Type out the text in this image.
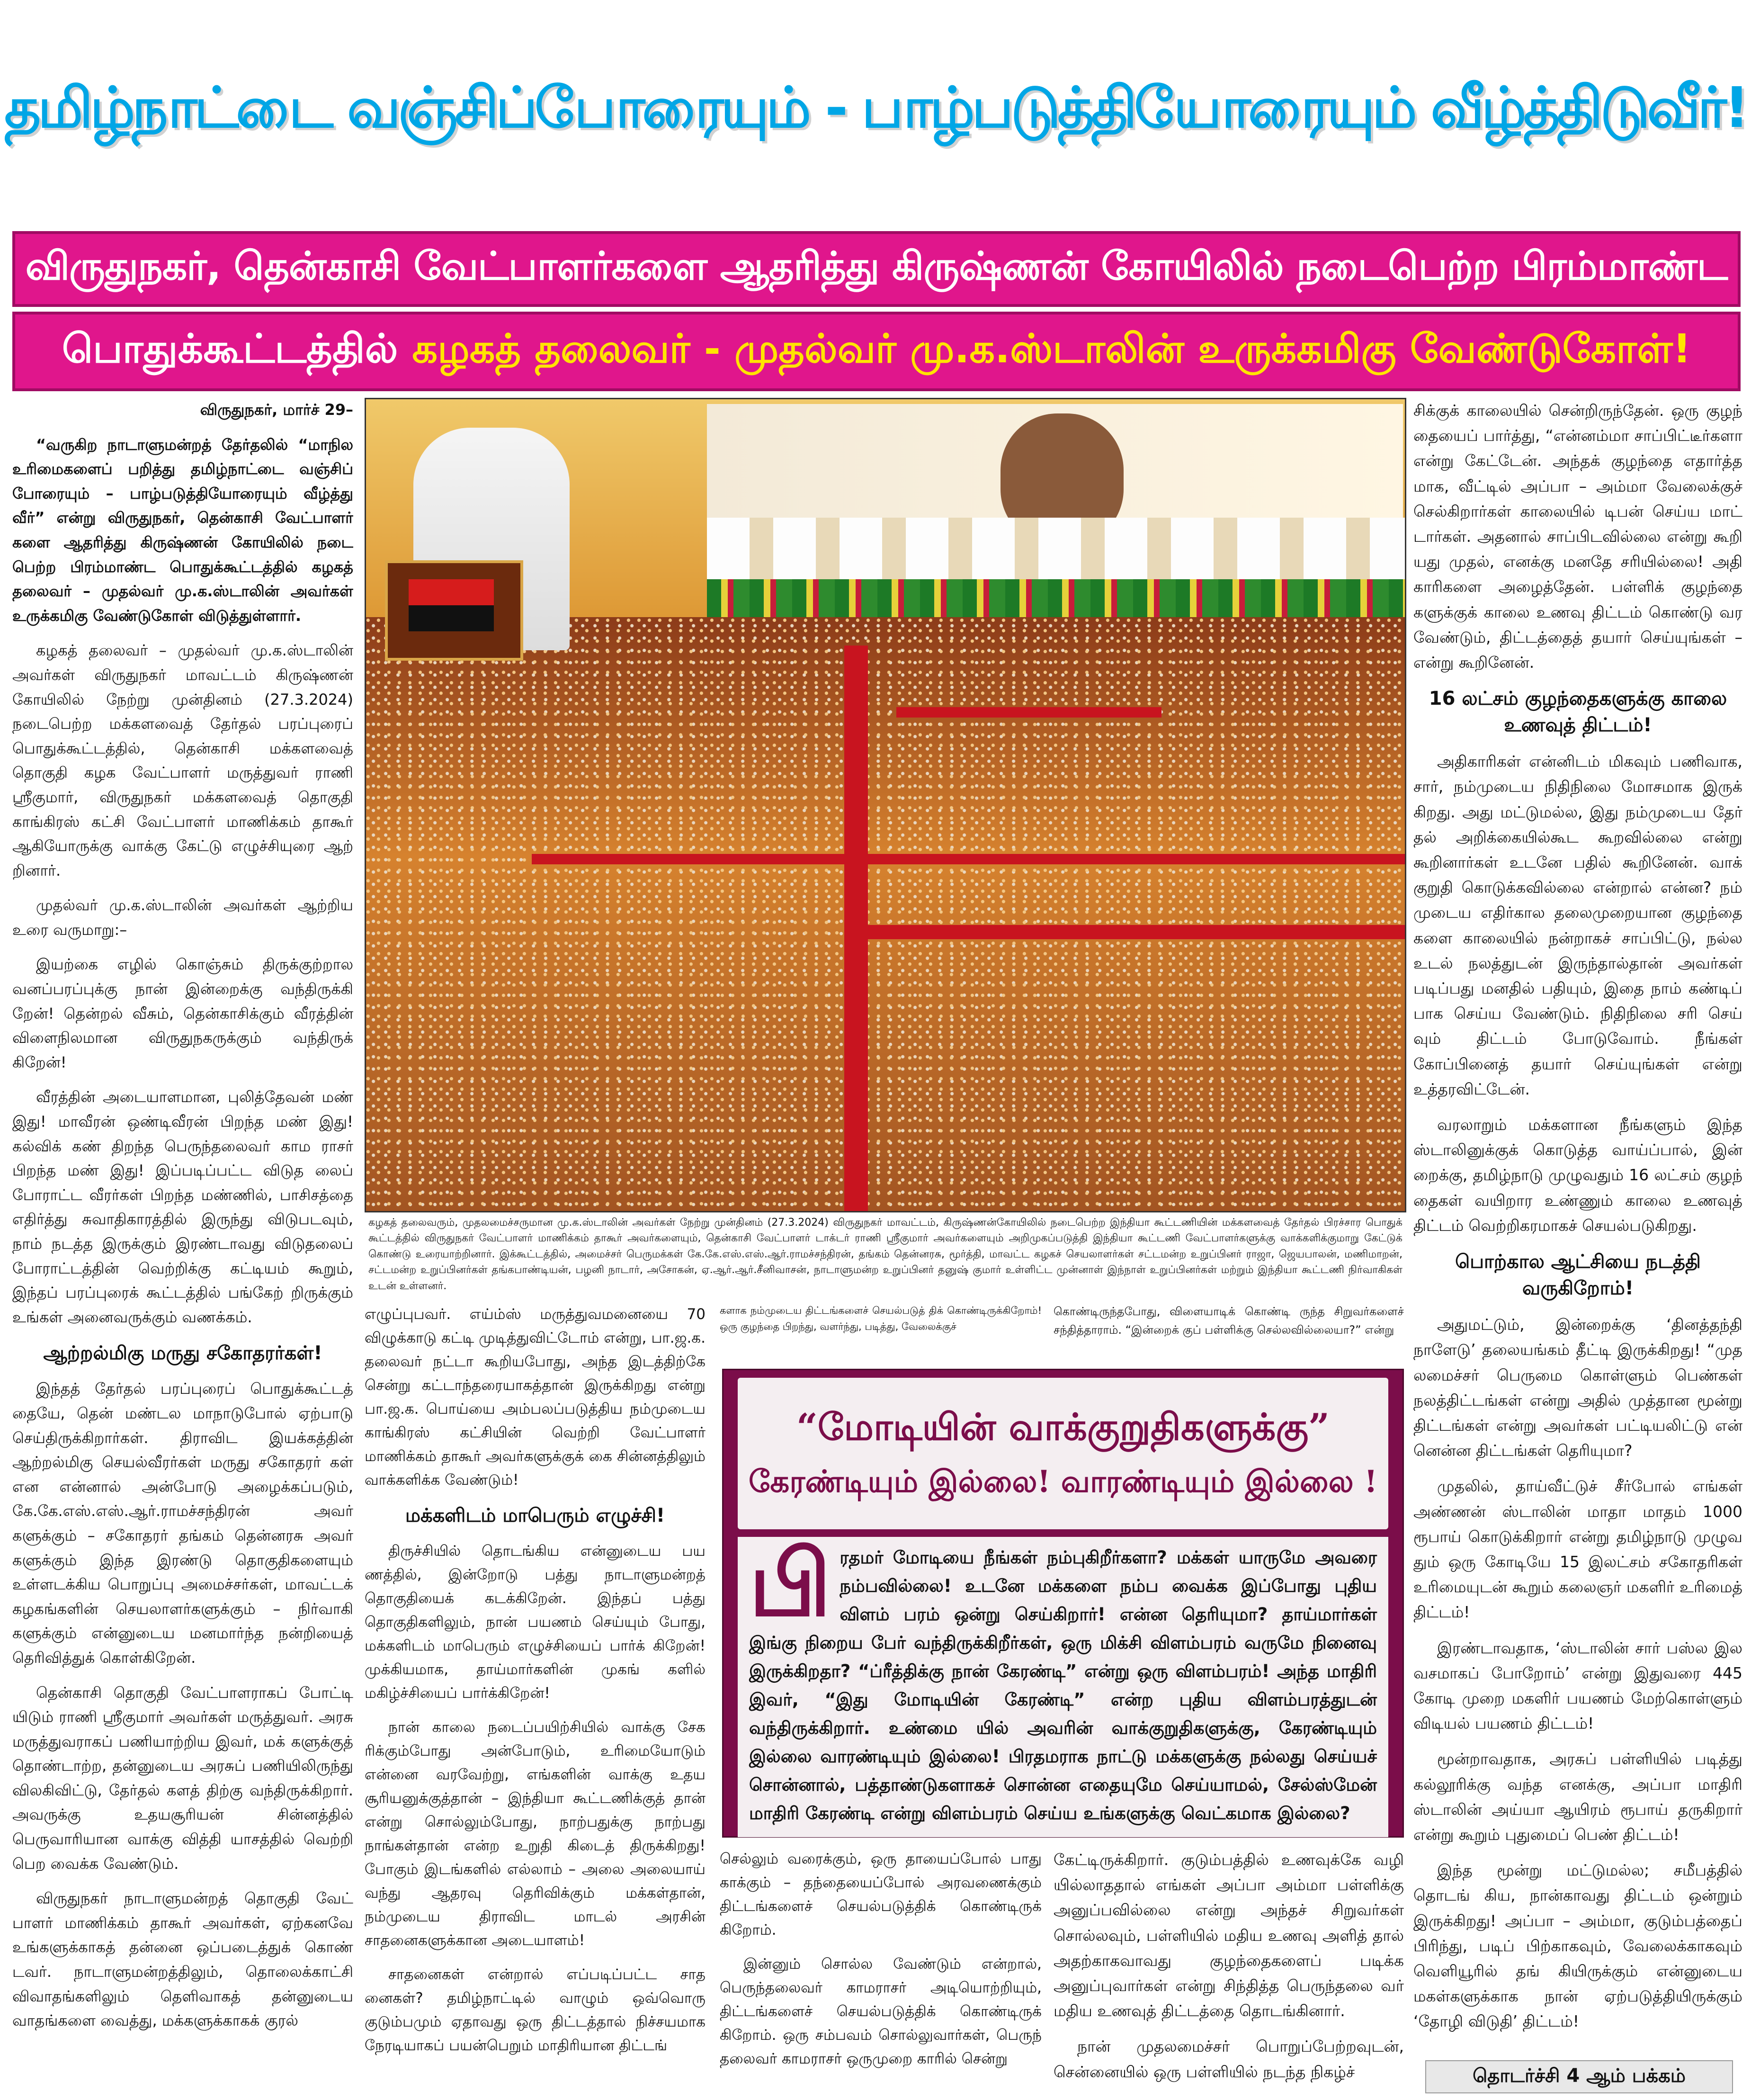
தமிழ்நாட்டை வஞ்சிப்போரையும் - பாழ்படுத்தியோரையும் வீழ்த்திடுவீர்!
விருதுநகர், தென்காசி வேட்பாளர்களை ஆதரித்து கிருஷ்ணன் கோயிலில் நடைபெற்ற பிரம்மாண்ட
பொதுக்கூட்டத்தில் கழகத் தலைவர் - முதல்வர் மு.க.ஸ்டாலின் உருக்கமிகு வேண்டுகோள்!

விருதுநகர், மார்ச் 29–

“வருகிற நாடாளுமன்றத் தேர்தலில் “மாநில உரிமைகளைப் பறித்து தமிழ்நாட்டை வஞ்சிப் போரையும் – பாழ்படுத்தியோரையும் வீழ்த்து வீர்” என்று விருதுநகர், தென்காசி வேட்பாளர் களை ஆதரித்து கிருஷ்ணன் கோயிலில் நடை பெற்ற பிரம்மாண்ட பொதுக்கூட்டத்தில் கழகத் தலைவர் – முதல்வர் மு.க.ஸ்டாலின் அவர்கள் உருக்கமிகு வேண்டுகோள் விடுத்துள்ளார்.

கழகத் தலைவர் – முதல்வர் மு.க.ஸ்டாலின் அவர்கள் விருதுநகர் மாவட்டம் கிருஷ்ணன் கோயிலில் நேற்று முன்தினம் (27.3.2024) நடைபெற்ற மக்களவைத் தேர்தல் பரப்புரைப் பொதுக்கூட்டத்தில், தென்காசி மக்களவைத் தொகுதி கழக வேட்பாளர் மருத்துவர் ராணி ஸ்ரீகுமார், விருதுநகர் மக்களவைத் தொகுதி காங்கிரஸ் கட்சி வேட்பாளர் மாணிக்கம் தாகூர் ஆகியோருக்கு வாக்கு கேட்டு எழுச்சியுரை ஆற் றினார்.

முதல்வர் மு.க.ஸ்டாலின் அவர்கள் ஆற்றிய உரை வருமாறு:–

இயற்கை எழில் கொஞ்சும் திருக்குற்றால வனப்பரப்புக்கு நான் இன்றைக்கு வந்திருக்கி றேன்! தென்றல் வீசும், தென்காசிக்கும் வீரத்தின் விளைநிலமான விருதுநகருக்கும் வந்திருக் கிறேன்!

வீரத்தின் அடையாளமான, புலித்தேவன் மண் இது! மாவீரன் ஒண்டிவீரன் பிறந்த மண் இது! கல்விக் கண் திறந்த பெருந்தலைவர் காம ராசர் பிறந்த மண் இது! இப்படிப்பட்ட விடுத லைப் போராட்ட வீரர்கள் பிறந்த மண்ணில், பாசிசத்தை எதிர்த்து சுவாதிகாரத்தில் இருந்து விடுபடவும், நாம் நடத்த இருக்கும் இரண்டாவது விடுதலைப் போராட்டத்தின் வெற்றிக்கு கட்டியம் கூறும், இந்தப் பரப்புரைக் கூட்டத்தில் பங்கேற் றிருக்கும் உங்கள் அனைவருக்கும் வணக்கம்.

ஆற்றல்மிகு மருது சகோதரர்கள்!

இந்தத் தேர்தல் பரப்புரைப் பொதுக்கூட்டத் தையே, தென் மண்டல மாநாடுபோல் ஏற்பாடு செய்திருக்கிறார்கள். திராவிட இயக்கத்தின் ஆற்றல்மிகு செயல்வீரர்கள் மருது சகோதரர் கள் என என்னால் அன்போடு அழைக்கப்படும், கே.கே.எஸ்.எஸ்.ஆர்.ராமச்சந்திரன் அவர் களுக்கும் – சகோதரர் தங்கம் தென்னரசு அவர் களுக்கும் இந்த இரண்டு தொகுதிகளையும் உள்ளடக்கிய பொறுப்பு அமைச்சர்கள், மாவட்டக் கழகங்களின் செயலாளர்களுக்கும் – நிர்வாகி களுக்கும் என்னுடைய மனமார்ந்த நன்றியைத் தெரிவித்துக் கொள்கிறேன்.

தென்காசி தொகுதி வேட்பாளராகப் போட்டி யிடும் ராணி ஸ்ரீகுமார் அவர்கள் மருத்துவர். அரசு மருத்துவராகப் பணியாற்றிய இவர், மக் களுக்குத் தொண்டாற்ற, தன்னுடைய அரசுப் பணியிலிருந்து விலகிவிட்டு, தேர்தல் களத் திற்கு வந்திருக்கிறார். அவருக்கு உதயசூரியன் சின்னத்தில் பெருவாரியான வாக்கு வித்தி யாசத்தில் வெற்றி பெற வைக்க வேண்டும்.

விருதுநகர் நாடாளுமன்றத் தொகுதி வேட் பாளர் மாணிக்கம் தாகூர் அவர்கள், ஏற்கனவே உங்களுக்காகத் தன்னை ஒப்படைத்துக் கொண் டவர். நாடாளுமன்றத்திலும், தொலைக்காட்சி விவாதங்களிலும் தெளிவாகத் தன்னுடைய வாதங்களை வைத்து, மக்களுக்காகக் குரல்

கழகத் தலைவரும், முதலமைச்சருமான மு.க.ஸ்டாலின் அவர்கள் நேற்று முன்தினம் (27.3.2024) விருதுநகர் மாவட்டம், கிருஷ்ணன்கோயிலில் நடைபெற்ற இந்தியா கூட்டணியின் மக்களவைத் தேர்தல் பிரச்சார பொதுக் கூட்டத்தில் விருதுநகர் வேட்பாளர் மாணிக்கம் தாகூர் அவர்களையும், தென்காசி வேட்பாளர் டாக்டர் ராணி ஸ்ரீகுமார் அவர்களையும் அறிமுகப்படுத்தி இந்தியா கூட்டணி வேட்பாளர்களுக்கு வாக்களிக்குமாறு கேட்டுக் கொண்டு உரையாற்றினார். இக்கூட்டத்தில், அமைச்சர் பெருமக்கள் கே.கே.எஸ்.எஸ்.ஆர்.ராமச்சந்திரன், தங்கம் தென்னரசு, மூர்த்தி, மாவட்ட கழகச் செயலாளர்கள் சட்டமன்ற உறுப்பினர் ராஜா, ஜெயபாலன், மணிமாறன், சட்டமன்ற உறுப்பினர்கள் தங்கபாண்டியன், பழனி நாடார், அசோகன், ஏ.ஆர்.ஆர்.சீனிவாசன், நாடாளுமன்ற உறுப்பினர் தனுஷ் குமார் உள்ளிட்ட முன்னாள் இந்நாள் உறுப்பினர்கள் மற்றும் இந்தியா கூட்டணி நிர்வாகிகள் உடன் உள்ளனர்.

எழுப்புபவர். எய்ம்ஸ் மருத்துவமனையை 70 விழுக்காடு கட்டி முடித்துவிட்டோம் என்று, பா.ஜ.க. தலைவர் நட்டா கூறியபோது, அந்த இடத்திற்கே சென்று கட்டாந்தரையாகத்தான் இருக்கிறது என்று பா.ஜ.க. பொய்யை அம்பலப்படுத்திய நம்முடைய காங்கிரஸ் கட்சியின் வெற்றி வேட்பாளர் மாணிக்கம் தாகூர் அவர்களுக்குக் கை சின்னத்திலும் வாக்களிக்க வேண்டும்!

மக்களிடம் மாபெரும் எழுச்சி!

திருச்சியில் தொடங்கிய என்னுடைய பய ணத்தில், இன்றோடு பத்து நாடாளுமன்றத் தொகுதியைக் கடக்கிறேன். இந்தப் பத்து தொகுதிகளிலும், நான் பயணம் செய்யும் போது, மக்களிடம் மாபெரும் எழுச்சியைப் பார்க் கிறேன்! முக்கியமாக, தாய்மார்களின் முகங் களில் மகிழ்ச்சியைப் பார்க்கிறேன்!

நான் காலை நடைப்பயிற்சியில் வாக்கு சேக ரிக்கும்போது அன்போடும், உரிமையோடும் என்னை வரவேற்று, எங்களின் வாக்கு உதய சூரியனுக்குத்தான் – இந்தியா கூட்டணிக்குத் தான் என்று சொல்லும்போது, நாற்பதுக்கு நாற்பது நாங்கள்தான் என்ற உறுதி கிடைத் திருக்கிறது! போகும் இடங்களில் எல்லாம் – அலை அலையாய் வந்து ஆதரவு தெரிவிக்கும் மக்கள்தான், நம்முடைய திராவிட மாடல் அரசின் சாதனைகளுக்கான அடையாளம்!

சாதனைகள் என்றால் எப்படிப்பட்ட சாத னைகள்? தமிழ்நாட்டில் வாழும் ஒவ்வொரு குடும்பமும் ஏதாவது ஒரு திட்டத்தால் நிச்சயமாக நேரடியாகப் பயன்பெறும் மாதிரியான திட்டங்

களாக நம்முடைய திட்டங்களைச் செயல்படுத் திக் கொண்டிருக்கிறோம்! ஒரு குழந்தை பிறந்து, வளர்ந்து, படித்து, வேலைக்குச்

கொண்டிருந்தபோது, விளையாடிக் கொண்டி ருந்த சிறுவர்களைச் சந்தித்தாராம். “இன்றைக் குப் பள்ளிக்கு செல்லவில்லையா?” என்று

“மோடியின் வாக்குறுதிகளுக்கு”
கேரண்டியும் இல்லை! வாரண்டியும் இல்லை !
பி ரதமர் மோடியை நீங்கள் நம்புகிறீர்களா? மக்கள் யாருமே அவரை நம்பவில்லை! உடனே மக்களை நம்ப வைக்க இப்போது புதிய விளம் பரம் ஒன்று செய்கிறார்! என்ன தெரியுமா? தாய்மார்கள் இங்கு நிறைய பேர் வந்திருக்கிறீர்கள், ஒரு மிக்சி விளம்பரம் வருமே நினைவு இருக்கிறதா? “ப்ரீத்திக்கு நான் கேரண்டி” என்று ஒரு விளம்பரம்! அந்த மாதிரி இவர், “இது மோடியின் கேரண்டி” என்ற புதிய விளம்பரத்துடன் வந்திருக்கிறார். உண்மை யில் அவரின் வாக்குறுதிகளுக்கு, கேரண்டியும் இல்லை வாரண்டியும் இல்லை! பிரதமராக நாட்டு மக்களுக்கு நல்லது செய்யச் சொன்னால், பத்தாண்டுகளாகச் சொன்ன எதையுமே செய்யாமல், சேல்ஸ்மேன் மாதிரி கேரண்டி என்று விளம்பரம் செய்ய உங்களுக்கு வெட்கமாக இல்லை?

செல்லும் வரைக்கும், ஒரு தாயைப்போல் பாது காக்கும் – தந்தையைப்போல் அரவணைக்கும் திட்டங்களைச் செயல்படுத்திக் கொண்டிருக் கிறோம்.

இன்னும் சொல்ல வேண்டும் என்றால், பெருந்தலைவர் காமராசர் அடியொற்றியும், திட்டங்களைச் செயல்படுத்திக் கொண்டிருக் கிறோம். ஒரு சம்பவம் சொல்லுவார்கள், பெருந் தலைவர் காமராசர் ஒருமுறை காரில் சென்று

கேட்டிருக்கிறார். குடும்பத்தில் உணவுக்கே வழி யில்லாததால் எங்கள் அப்பா அம்மா பள்ளிக்கு அனுப்பவில்லை என்று அந்தச் சிறுவர்கள் சொல்லவும், பள்ளியில் மதிய உணவு அளித் தால் அதற்காகவாவது குழந்தைகளைப் படிக்க அனுப்புவார்கள் என்று சிந்தித்த பெருந்தலை வர் மதிய உணவுத் திட்டத்தை தொடங்கினார்.

நான் முதலமைச்சர் பொறுப்பேற்றவுடன், சென்னையில் ஒரு பள்ளியில் நடந்த நிகழ்ச்

சிக்குக் காலையில் சென்றிருந்தேன். ஒரு குழந் தையைப் பார்த்து, “என்னம்மா சாப்பிட்டீர்களா என்று கேட்டேன். அந்தக் குழந்தை எதார்த்த மாக, வீட்டில் அப்பா – அம்மா வேலைக்குச் செல்கிறார்கள் காலையில் டிபன் செய்ய மாட் டார்கள். அதனால் சாப்பிடவில்லை என்று கூறி யது முதல், எனக்கு மனதே சரியில்லை! அதி காரிகளை அழைத்தேன். பள்ளிக் குழந்தை களுக்குக் காலை உணவு திட்டம் கொண்டு வர வேண்டும், திட்டத்தைத் தயார் செய்யுங்கள் – என்று கூறினேன்.

16 லட்சம் குழந்தைகளுக்கு காலை உணவுத் திட்டம்!

அதிகாரிகள் என்னிடம் மிகவும் பணிவாக, சார், நம்முடைய நிதிநிலை மோசமாக இருக் கிறது. அது மட்டுமல்ல, இது நம்முடைய தேர் தல் அறிக்கையில்கூட கூறவில்லை என்று கூறினார்கள் உடனே பதில் கூறினேன். வாக் குறுதி கொடுக்கவில்லை என்றால் என்ன? நம் முடைய எதிர்கால தலைமுறையான குழந்தை களை காலையில் நன்றாகச் சாப்பிட்டு, நல்ல உடல் நலத்துடன் இருந்தால்தான் அவர்கள் படிப்பது மனதில் பதியும், இதை நாம் கண்டிப் பாக செய்ய வேண்டும். நிதிநிலை சரி செய் வும் திட்டம் போடுவோம். நீங்கள் கோப்பினைத் தயார் செய்யுங்கள் என்று உத்தரவிட்டேன்.

வரலாறும் மக்களான நீங்களும் இந்த ஸ்டாலினுக்குக் கொடுத்த வாய்ப்பால், இன் றைக்கு, தமிழ்நாடு முழுவதும் 16 லட்சம் குழந் தைகள் வயிறார உண்ணும் காலை உணவுத் திட்டம் வெற்றிகரமாகச் செயல்படுகிறது.

பொற்கால ஆட்சியை நடத்தி வருகிறோம்!

அதுமட்டும், இன்றைக்கு ‘தினத்தந்தி நாளேடு’ தலையங்கம் தீட்டி இருக்கிறது! “முத லமைச்சர் பெருமை கொள்ளும் பெண்கள் நலத்திட்டங்கள் என்று அதில் முத்தான மூன்று திட்டங்கள் என்று அவர்கள் பட்டியலிட்டு என் னென்ன திட்டங்கள் தெரியுமா?

முதலில், தாய்வீட்டுச் சீர்போல் எங்கள் அண்ணன் ஸ்டாலின் மாதா மாதம் 1000 ரூபாய் கொடுக்கிறார் என்று தமிழ்நாடு முழுவ தும் ஒரு கோடியே 15 இலட்சம் சகோதரிகள் உரிமையுடன் கூறும் கலைஞர் மகளிர் உரிமைத் திட்டம்!

இரண்டாவதாக, ‘ஸ்டாலின் சார் பஸ்ல இல வசமாகப் போறோம்’ என்று இதுவரை 445 கோடி முறை மகளிர் பயணம் மேற்கொள்ளும் விடியல் பயணம் திட்டம்!

மூன்றாவதாக, அரசுப் பள்ளியில் படித்து கல்லூரிக்கு வந்த எனக்கு, அப்பா மாதிரி ஸ்டாலின் அய்யா ஆயிரம் ரூபாய் தருகிறார் என்று கூறும் புதுமைப் பெண் திட்டம்!

இந்த மூன்று மட்டுமல்ல; சமீபத்தில் தொடங் கிய, நான்காவது திட்டம் ஒன்றும் இருக்கிறது! அப்பா – அம்மா, குடும்பத்தைப் பிரிந்து, படிப் பிற்காகவும், வேலைக்காகவும் வெளியூரில் தங் கியிருக்கும் என்னுடைய மகள்களுக்காக நான் ஏற்படுத்தியிருக்கும் ‘தோழி விடுதி’ திட்டம்!

தொடர்ச்சி 4 ஆம் பக்கம்
